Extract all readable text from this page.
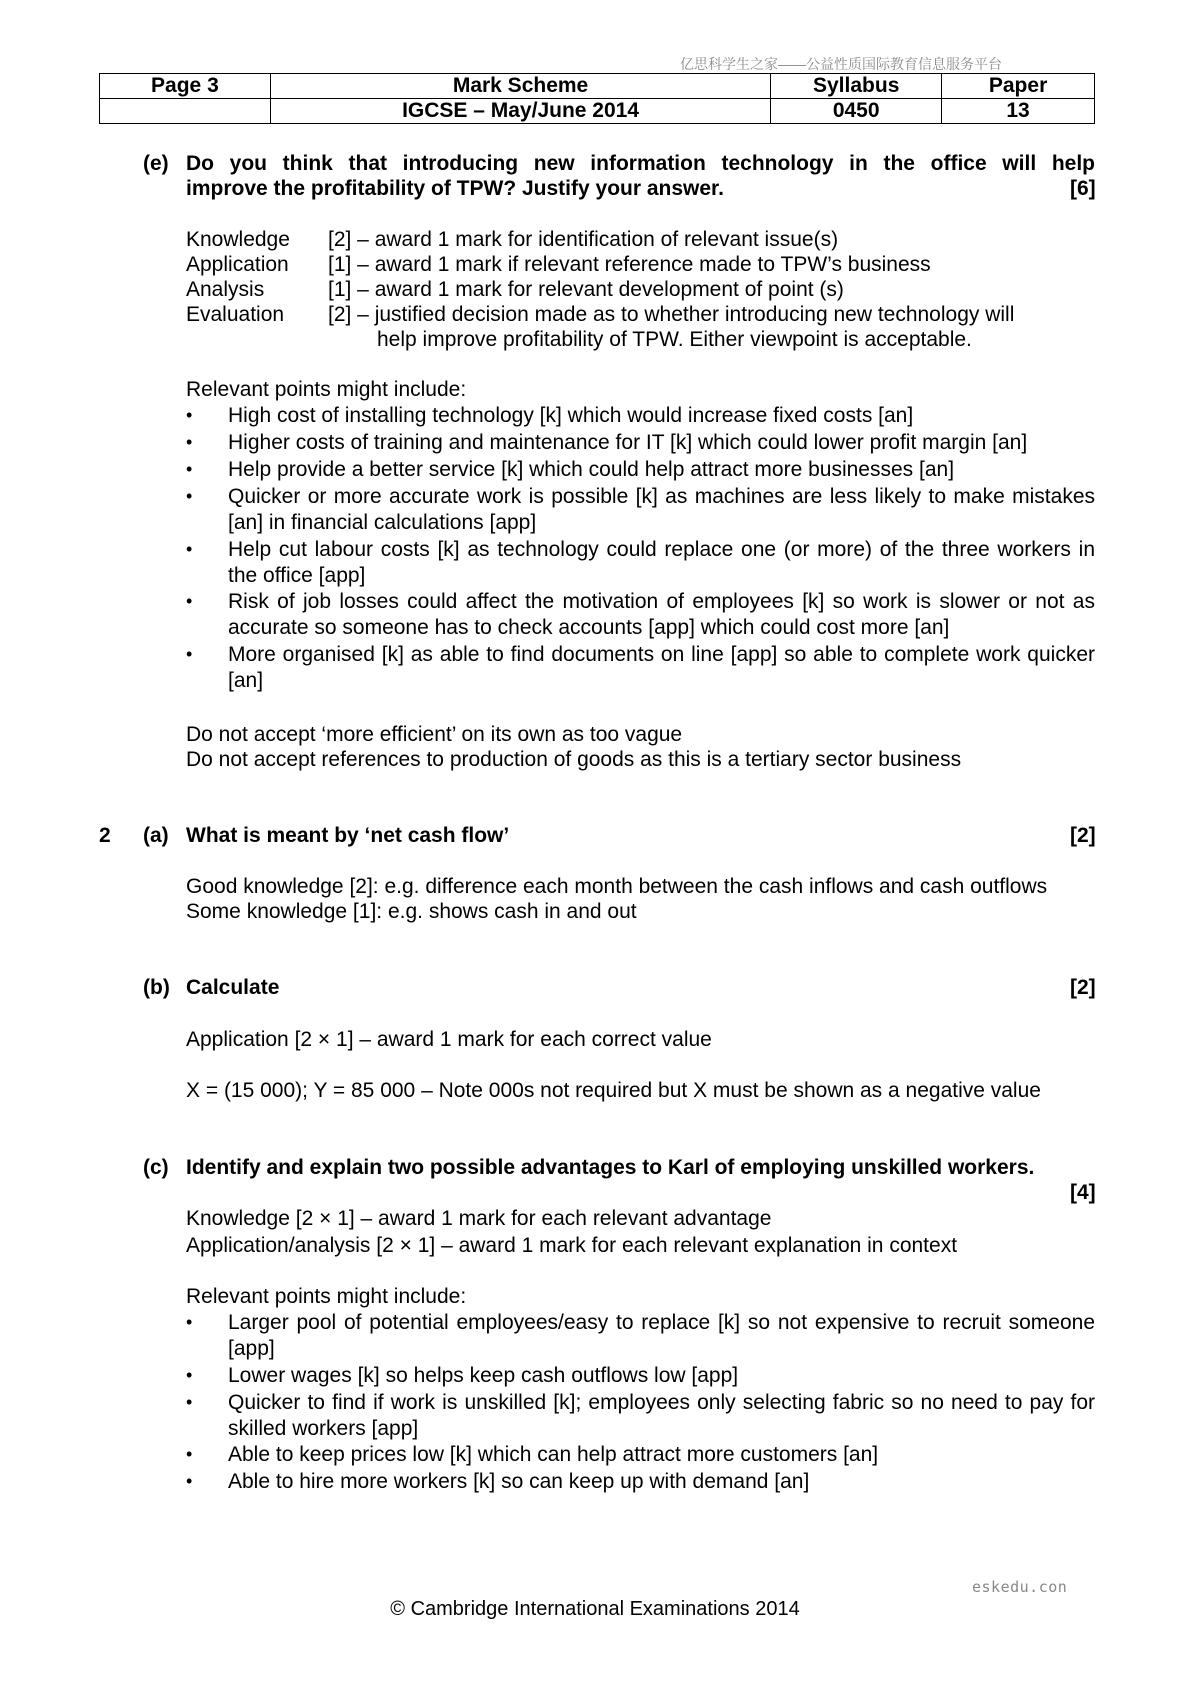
亿思科学生之家——公益性质国际教育信息服务平台
Page 3	Mark Scheme	Syllabus	Paper
	IGCSE – May/June 2014	0450	13
(e) Do you think that introducing new information technology in the office will help
improve the profitability of TPW? Justify your answer.	[6]
Knowledge [2] – award 1 mark for identification of relevant issue(s)
Application [1] – award 1 mark if relevant reference made to TPW’s business
Analysis	[1] – award 1 mark for relevant development of point (s)
Evaluation [2] – justified decision made as to whether introducing new technology will
help improve profitability of TPW. Either viewpoint is acceptable.
Relevant points might include:
• High cost of installing technology [k] which would increase fixed costs [an]
• Higher costs of training and maintenance for IT [k] which could lower profit margin [an]
• Help provide a better service [k] which could help attract more businesses [an]
• Quicker or more accurate work is possible [k] as machines are less likely to make mistakes [an] in financial calculations [app]
• Help cut labour costs [k] as technology could replace one (or more) of the three workers in the office [app]
• Risk of job losses could affect the motivation of employees [k] so work is slower or not as accurate so someone has to check accounts [app] which could cost more [an]
• More organised [k] as able to find documents on line [app] so able to complete work quicker [an]
Do not accept ‘more efficient’ on its own as too vague
Do not accept references to production of goods as this is a tertiary sector business
2 (a) What is meant by ‘net cash flow’	[2]
Good knowledge [2]: e.g. difference each month between the cash inflows and cash outflows
Some knowledge [1]: e.g. shows cash in and out
(b) Calculate	[2]
Application [2 × 1] – award 1 mark for each correct value
X = (15 000); Y = 85 000 – Note 000s not required but X must be shown as a negative value
(c) Identify and explain two possible advantages to Karl of employing unskilled workers.
[4]
Knowledge [2 × 1] – award 1 mark for each relevant advantage
Application/analysis [2 × 1] – award 1 mark for each relevant explanation in context
Relevant points might include:
• Larger pool of potential employees/easy to replace [k] so not expensive to recruit someone [app]
• Lower wages [k] so helps keep cash outflows low [app]
• Quicker to find if work is unskilled [k]; employees only selecting fabric so no need to pay for skilled workers [app]
• Able to keep prices low [k] which can help attract more customers [an]
• Able to hire more workers [k] so can keep up with demand [an]
eskedu.con
© Cambridge International Examinations 2014
